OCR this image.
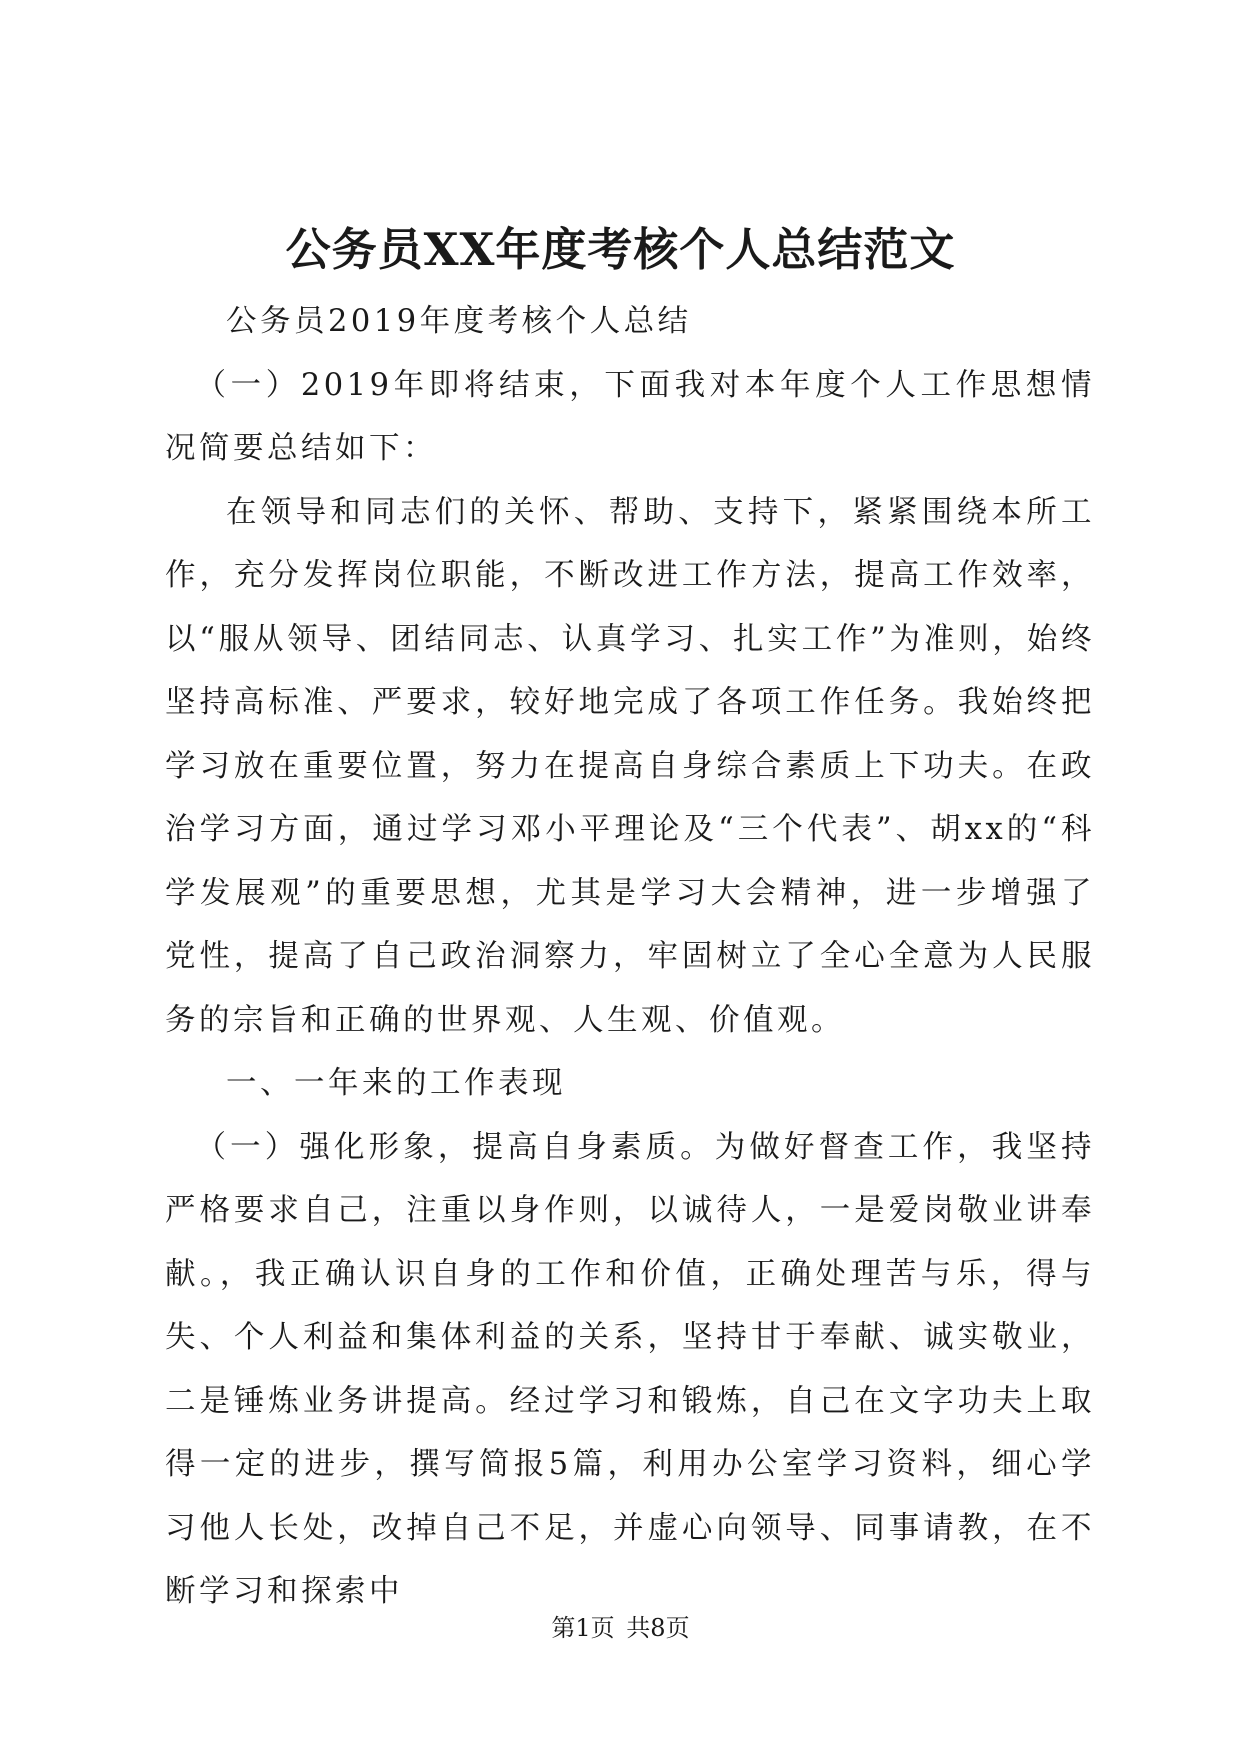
公务员XX年度考核个人总结范文

公务员2019年度考核个人总结

（一）2019年即将结束，下面我对本年度个人工作思想情况简要总结如下：

在领导和同志们的关怀、帮助、支持下，紧紧围绕本所工作，充分发挥岗位职能，不断改进工作方法，提高工作效率，以“服从领导、团结同志、认真学习、扎实工作”为准则，始终坚持高标准、严要求，较好地完成了各项工作任务。我始终把学习放在重要位置，努力在提高自身综合素质上下功夫。在政治学习方面，通过学习邓小平理论及“三个代表”、胡xx的“科学发展观”的重要思想，尤其是学习大会精神，进一步增强了党性，提高了自己政治洞察力，牢固树立了全心全意为人民服务的宗旨和正确的世界观、人生观、价值观。

一、一年来的工作表现

（一）强化形象，提高自身素质。为做好督查工作，我坚持严格要求自己，注重以身作则，以诚待人，一是爱岗敬业讲奉献。，我正确认识自身的工作和价值，正确处理苦与乐，得与失、个人利益和集体利益的关系，坚持甘于奉献、诚实敬业，二是锤炼业务讲提高。经过学习和锻炼，自己在文字功夫上取得一定的进步，撰写简报5篇，利用办公室学习资料，细心学习他人长处，改掉自己不足，并虚心向领导、同事请教，在不断学习和探索中

第1页 共8页
